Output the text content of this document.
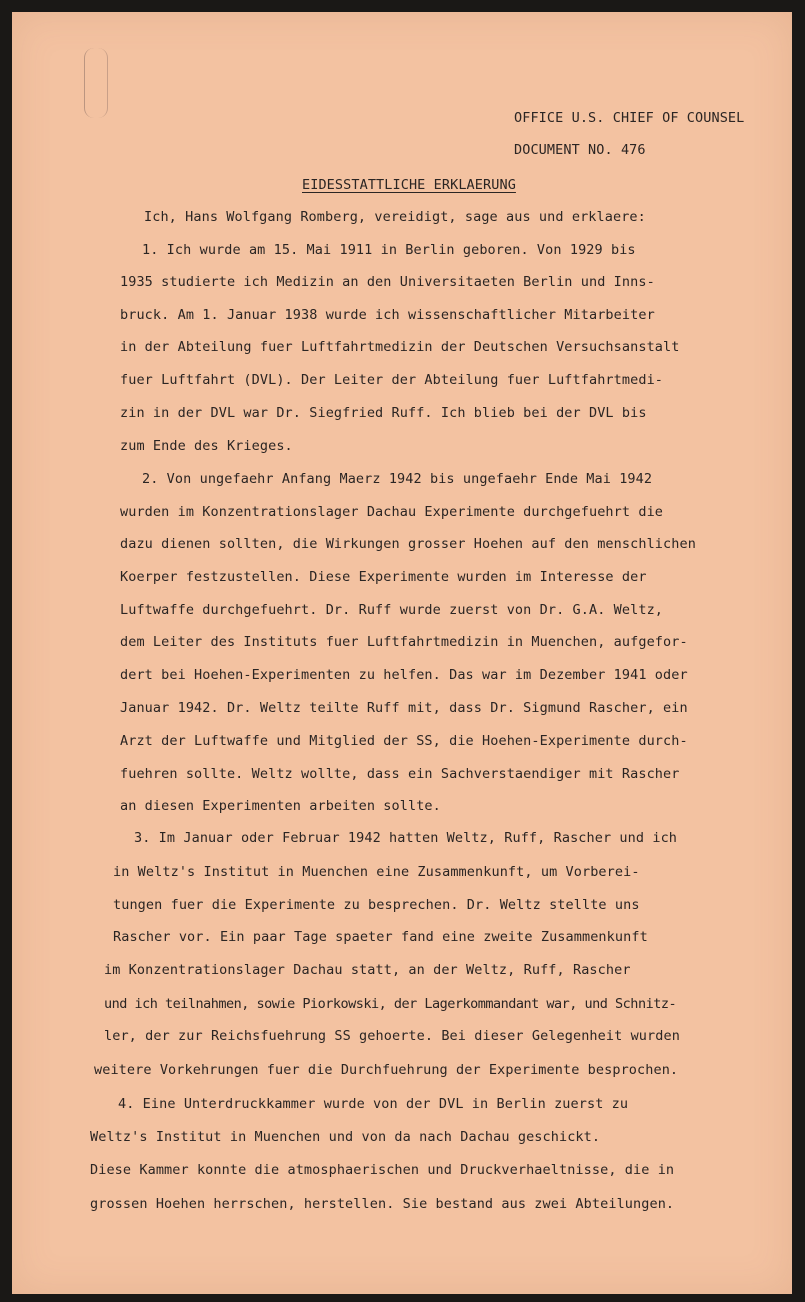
OFFICE U.S. CHIEF OF COUNSEL
DOCUMENT NO. 476
EIDESSTATTLICHE ERKLAERUNG
Ich, Hans Wolfgang Romberg, vereidigt, sage aus und erklaere:
1. Ich wurde am 15. Mai 1911 in Berlin geboren. Von 1929 bis
1935 studierte ich Medizin an den Universitaeten Berlin und Inns-
bruck. Am 1. Januar 1938 wurde ich wissenschaftlicher Mitarbeiter
in der Abteilung fuer Luftfahrtmedizin der Deutschen Versuchsanstalt
fuer Luftfahrt (DVL). Der Leiter der Abteilung fuer Luftfahrtmedi-
zin in der DVL war Dr. Siegfried Ruff. Ich blieb bei der DVL bis
zum Ende des Krieges.
2. Von ungefaehr Anfang Maerz 1942 bis ungefaehr Ende Mai 1942
wurden im Konzentrationslager Dachau Experimente durchgefuehrt die
dazu dienen sollten, die Wirkungen grosser Hoehen auf den menschlichen
Koerper festzustellen. Diese Experimente wurden im Interesse der
Luftwaffe durchgefuehrt. Dr. Ruff wurde zuerst von Dr. G.A. Weltz,
dem Leiter des Instituts fuer Luftfahrtmedizin in Muenchen, aufgefor-
dert bei Hoehen-Experimenten zu helfen. Das war im Dezember 1941 oder
Januar 1942. Dr. Weltz teilte Ruff mit, dass Dr. Sigmund Rascher, ein
Arzt der Luftwaffe und Mitglied der SS, die Hoehen-Experimente durch-
fuehren sollte. Weltz wollte, dass ein Sachverstaendiger mit Rascher
an diesen Experimenten arbeiten sollte.
3. Im Januar oder Februar 1942 hatten Weltz, Ruff, Rascher und ich
in Weltz's Institut in Muenchen eine Zusammenkunft, um Vorberei-
tungen fuer die Experimente zu besprechen. Dr. Weltz stellte uns
Rascher vor. Ein paar Tage spaeter fand eine zweite Zusammenkunft
im Konzentrationslager Dachau statt, an der Weltz, Ruff, Rascher
und ich teilnahmen, sowie Piorkowski, der Lagerkommandant war, und Schnitz-
ler, der zur Reichsfuehrung SS gehoerte. Bei dieser Gelegenheit wurden
weitere Vorkehrungen fuer die Durchfuehrung der Experimente besprochen.
4. Eine Unterdruckkammer wurde von der DVL in Berlin zuerst zu
Weltz's Institut in Muenchen und von da nach Dachau geschickt.
Diese Kammer konnte die atmosphaerischen und Druckverhaeltnisse, die in
grossen Hoehen herrschen, herstellen. Sie bestand aus zwei Abteilungen.
